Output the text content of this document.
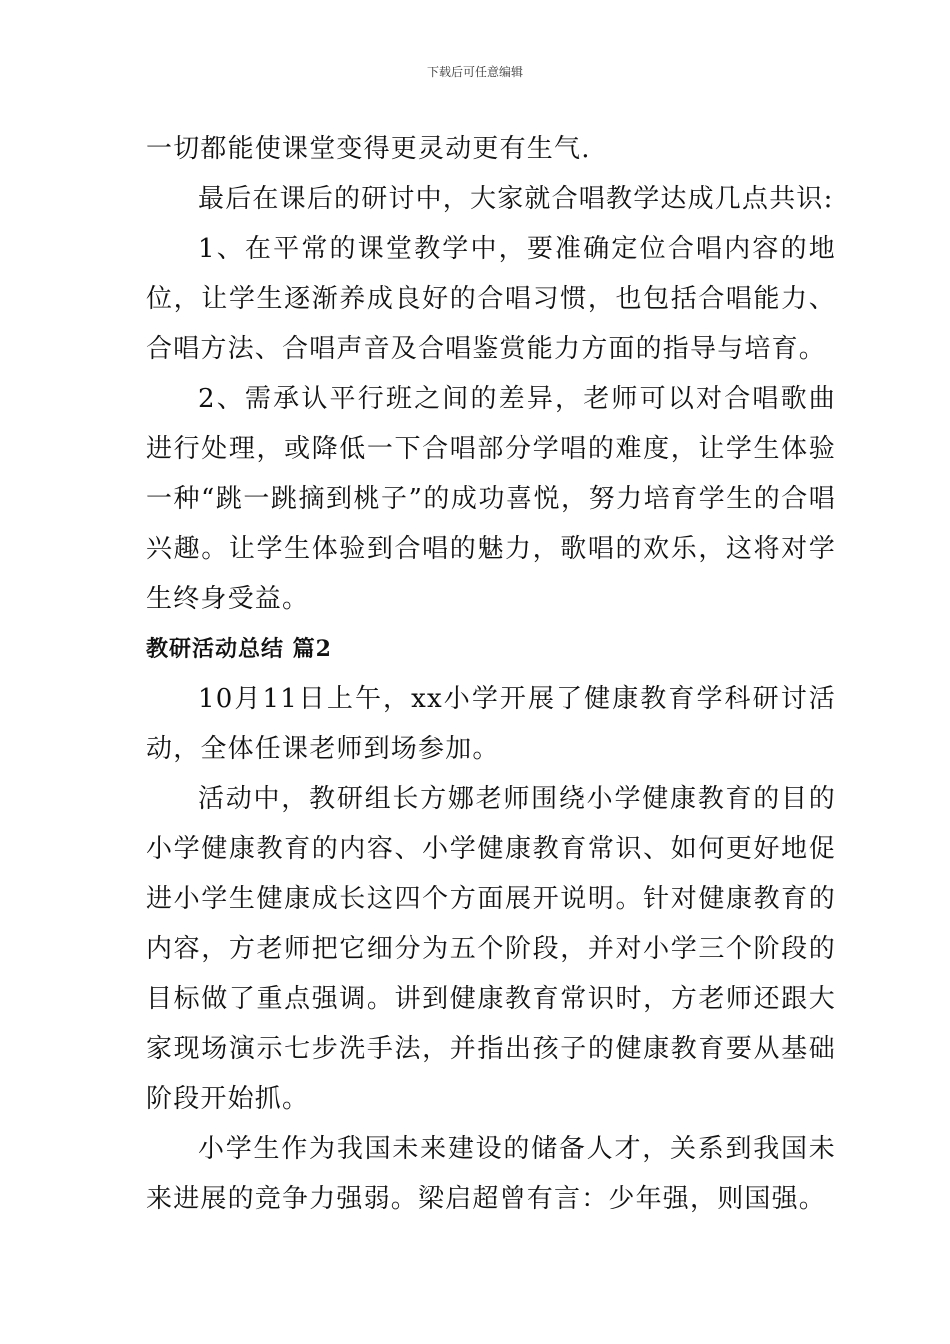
下载后可任意编辑

一切都能使课堂变得更灵动更有生气.

最后在课后的研讨中，大家就合唱教学达成几点共识:

1、在平常的课堂教学中，要准确定位合唱内容的地位，让学生逐渐养成良好的合唱习惯，也包括合唱能力、合唱方法、合唱声音及合唱鉴赏能力方面的指导与培育。

2、需承认平行班之间的差异，老师可以对合唱歌曲进行处理，或降低一下合唱部分学唱的难度，让学生体验一种“跳一跳摘到桃子”的成功喜悦，努力培育学生的合唱兴趣。让学生体验到合唱的魅力，歌唱的欢乐，这将对学生终身受益。

教研活动总结 篇2

10月11日上午，xx小学开展了健康教育学科研讨活动，全体任课老师到场参加。

活动中，教研组长方娜老师围绕小学健康教育的目的小学健康教育的内容、小学健康教育常识、如何更好地促进小学生健康成长这四个方面展开说明。针对健康教育的内容，方老师把它细分为五个阶段，并对小学三个阶段的目标做了重点强调。讲到健康教育常识时，方老师还跟大家现场演示七步洗手法，并指出孩子的健康教育要从基础阶段开始抓。

小学生作为我国未来建设的储备人才，关系到我国未来进展的竞争力强弱。梁启超曾有言：少年强，则国强。
